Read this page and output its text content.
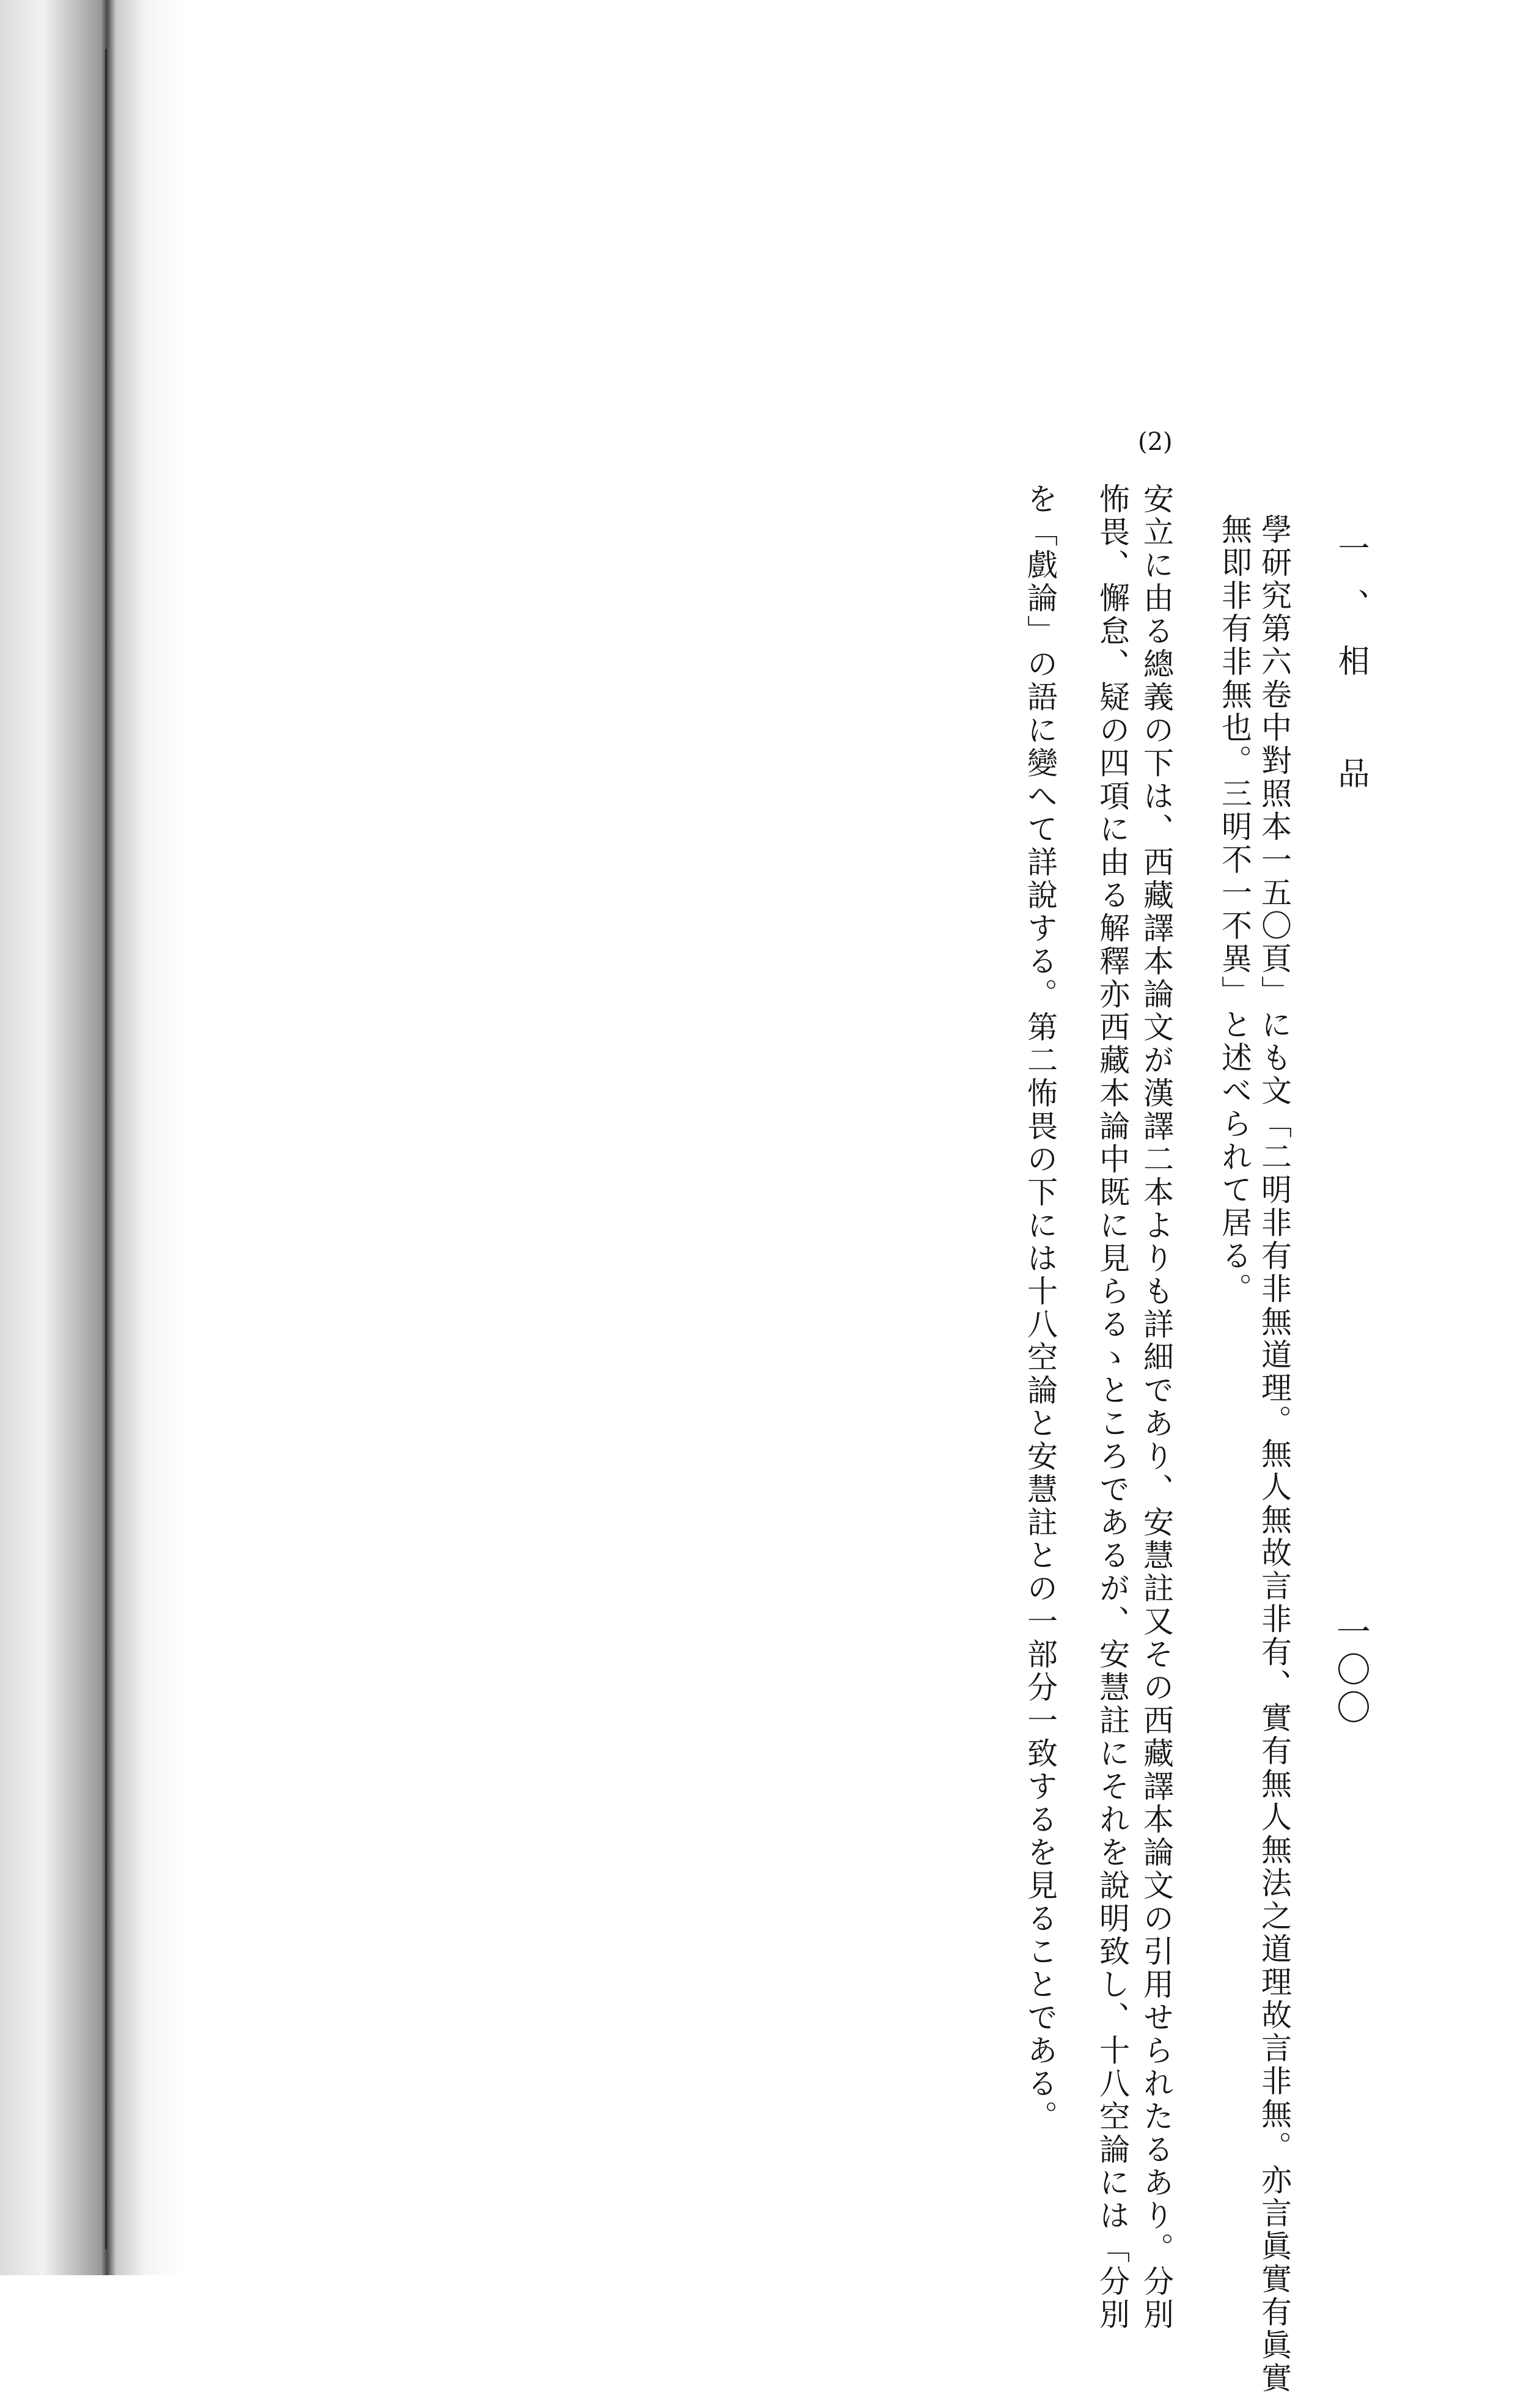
一、相　品
一〇〇
學研究第六卷中對照本一五〇頁」にも文「二明非有非無道理。無人無故言非有、實有無人無法之道理故言非無。亦言眞實有眞實
無即非有非無也。三明不一不異」と述べられて居る。
(2)
安立に由る總義の下は、西藏譯本論文が漢譯二本よりも詳細であり、安慧註又その西藏譯本論文の引用せられたるあり。分別
怖畏、懈怠、疑の四項に由る解釋亦西藏本論中既に見らるゝところであるが、安慧註にそれを說明致し、十八空論には「分別
を「戲論」の語に變へて詳說する。第二怖畏の下には十八空論と安慧註との一部分一致するを見ることである。
